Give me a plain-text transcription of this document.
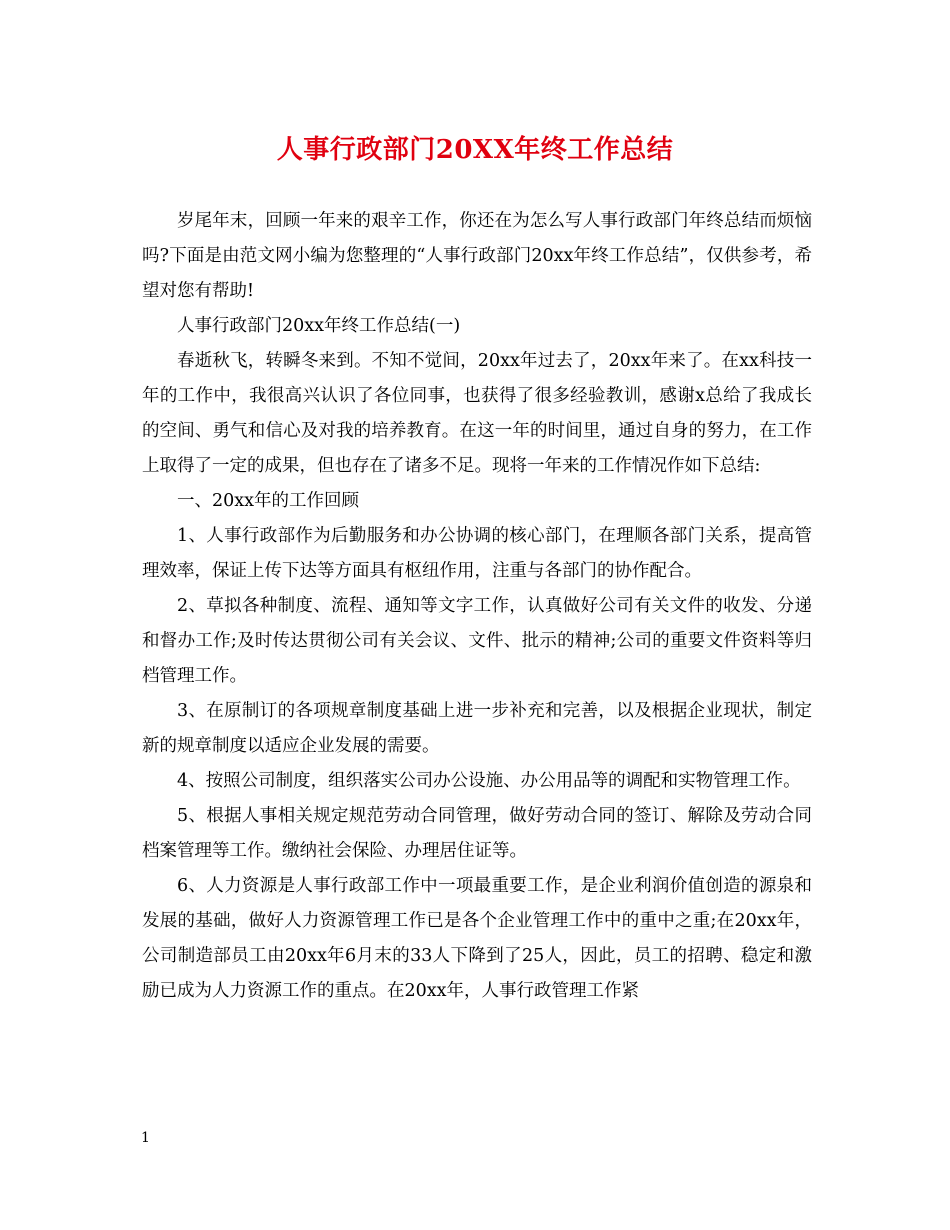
人事行政部门20XX年终工作总结

岁尾年末，回顾一年来的艰辛工作，你还在为怎么写人事行政部门年终总结而烦恼吗?下面是由范文网小编为您整理的“人事行政部门20xx年终工作总结”，仅供参考，希望对您有帮助!

人事行政部门20xx年终工作总结(一)

春逝秋飞，转瞬冬来到。不知不觉间，20xx年过去了，20xx年来了。在xx科技一年的工作中，我很高兴认识了各位同事，也获得了很多经验教训，感谢x总给了我成长的空间、勇气和信心及对我的培养教育。在这一年的时间里，通过自身的努力，在工作上取得了一定的成果，但也存在了诸多不足。现将一年来的工作情况作如下总结:

一、20xx年的工作回顾

1、人事行政部作为后勤服务和办公协调的核心部门，在理顺各部门关系，提高管理效率，保证上传下达等方面具有枢纽作用，注重与各部门的协作配合。

2、草拟各种制度、流程、通知等文字工作，认真做好公司有关文件的收发、分递和督办工作;及时传达贯彻公司有关会议、文件、批示的精神;公司的重要文件资料等归档管理工作。

3、在原制订的各项规章制度基础上进一步补充和完善，以及根据企业现状，制定新的规章制度以适应企业发展的需要。

4、按照公司制度，组织落实公司办公设施、办公用品等的调配和实物管理工作。

5、根据人事相关规定规范劳动合同管理，做好劳动合同的签订、解除及劳动合同档案管理等工作。缴纳社会保险、办理居住证等。

6、人力资源是人事行政部工作中一项最重要工作，是企业利润价值创造的源泉和发展的基础，做好人力资源管理工作已是各个企业管理工作中的重中之重;在20xx年，公司制造部员工由20xx年6月末的33人下降到了25人，因此，员工的招聘、稳定和激励已成为人力资源工作的重点。在20xx年，人事行政管理工作紧

1
